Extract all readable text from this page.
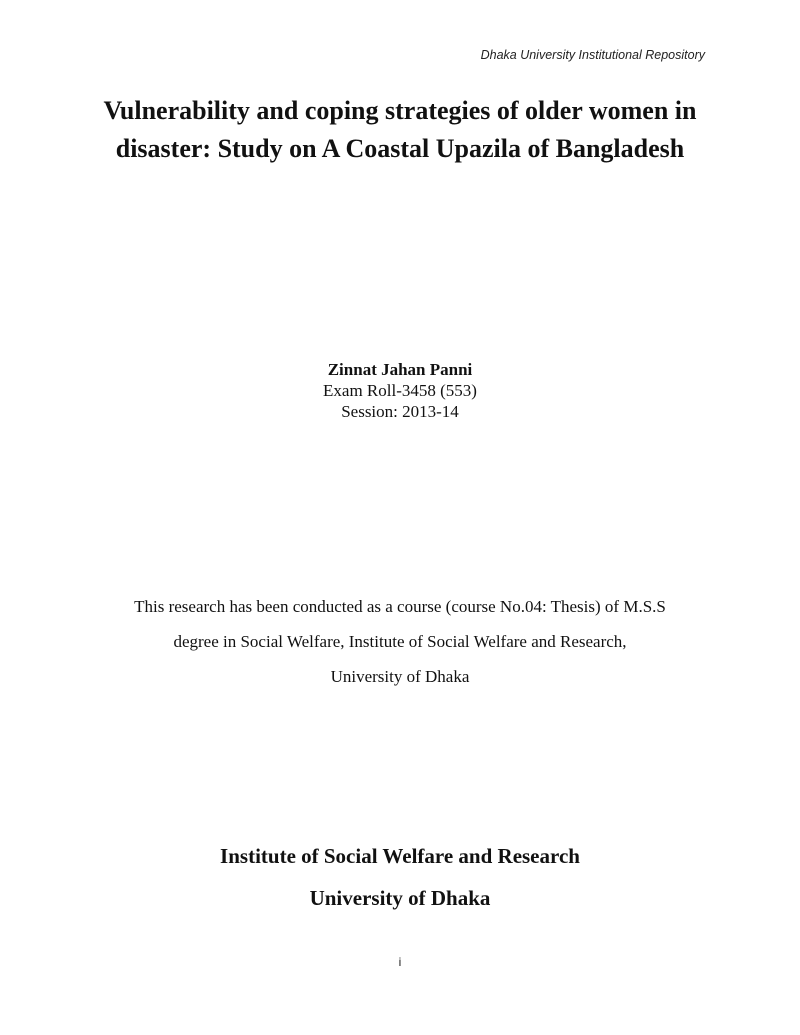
Dhaka University Institutional Repository
Vulnerability and coping strategies of older women in
disaster: Study on A Coastal Upazila of Bangladesh
Zinnat Jahan Panni
Exam Roll-3458 (553)
Session: 2013-14
This research has been conducted as a course (course No.04: Thesis) of M.S.S
degree in Social Welfare, Institute of Social Welfare and Research,
University of Dhaka
Institute of Social Welfare and Research
University of Dhaka
i
